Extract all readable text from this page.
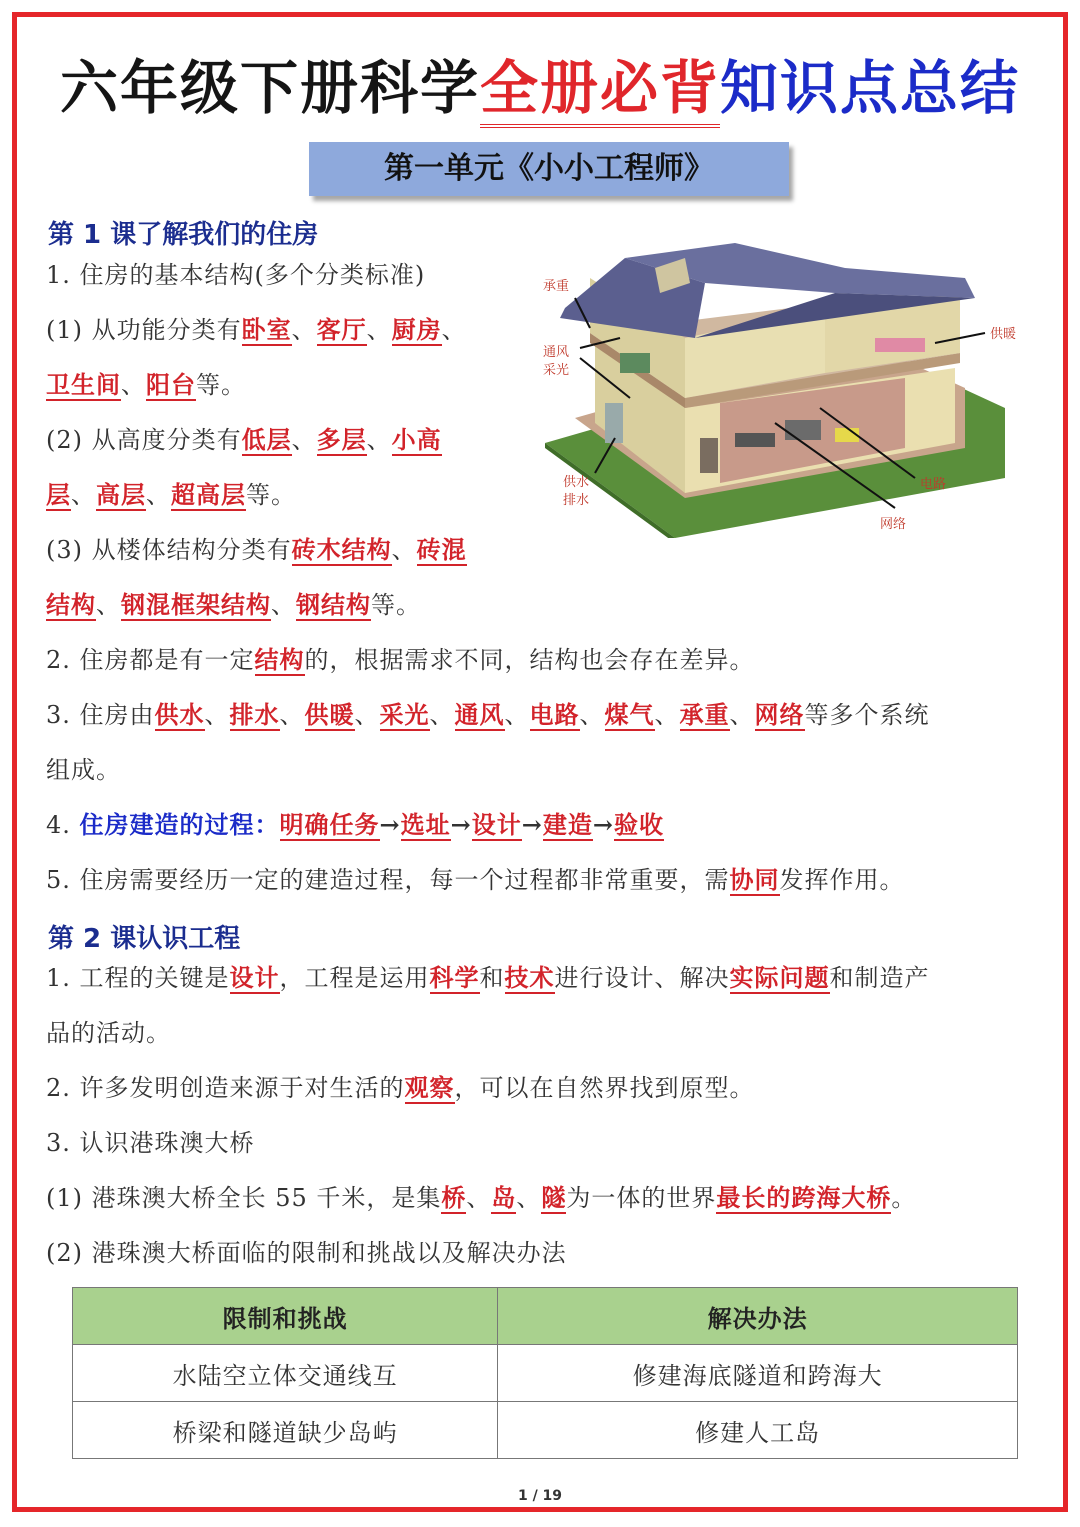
六年级下册科学全册必背知识点总结
第一单元《小小工程师》
第 1 课了解我们的住房
1. 住房的基本结构(多个分类标准)
(1) 从功能分类有卧室、客厅、厨房、
卫生间、阳台等。
(2) 从高度分类有低层、多层、小高
层、高层、超高层等。
(3) 从楼体结构分类有砖木结构、砖混
结构、钢混框架结构、钢结构等。
2. 住房都是有一定结构的，根据需求不同，结构也会存在差异。
3. 住房由供水、排水、供暖、采光、通风、电路、煤气、承重、网络等多个系统
组成。
4. 住房建造的过程：明确任务→选址→设计→建造→验收
5. 住房需要经历一定的建造过程，每一个过程都非常重要，需协同发挥作用。
承重
通风
采光
供暖
供水
排水
电路
网络
第 2 课认识工程
1. 工程的关键是设计，工程是运用科学和技术进行设计、解决实际问题和制造产
品的活动。
2. 许多发明创造来源于对生活的观察，可以在自然界找到原型。
3. 认识港珠澳大桥
(1) 港珠澳大桥全长 55 千米，是集桥、岛、隧为一体的世界最长的跨海大桥。
(2) 港珠澳大桥面临的限制和挑战以及解决办法
限制和挑战	解决办法
水陆空立体交通线互	修建海底隧道和跨海大
桥梁和隧道缺少岛屿	修建人工岛
1 / 19
